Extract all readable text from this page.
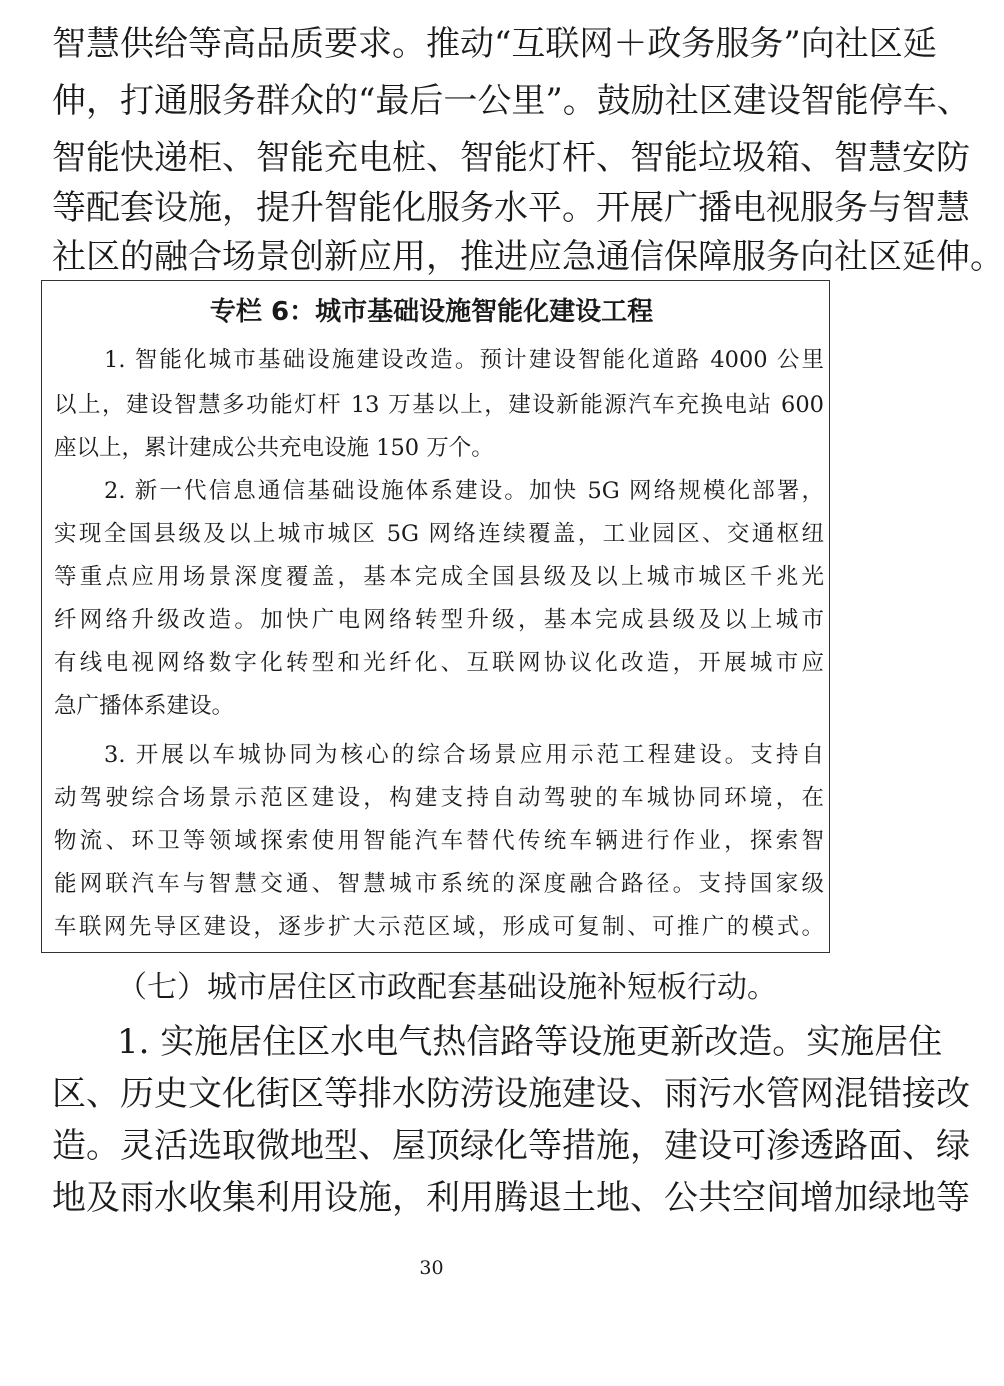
智慧供给等高品质要求。推动“互联网＋政务服务”向社区延
伸，打通服务群众的“最后一公里”。鼓励社区建设智能停车、
智能快递柜、智能充电桩、智能灯杆、智能垃圾箱、智慧安防
等配套设施，提升智能化服务水平。开展广播电视服务与智慧
社区的融合场景创新应用，推进应急通信保障服务向社区延伸。
专栏 6：城市基础设施智能化建设工程
1. 智能化城市基础设施建设改造。预计建设智能化道路 4000 公里
以上，建设智慧多功能灯杆 13 万基以上，建设新能源汽车充换电站 600
座以上，累计建成公共充电设施 150 万个。
2. 新一代信息通信基础设施体系建设。加快 5G 网络规模化部署，
实现全国县级及以上城市城区 5G 网络连续覆盖，工业园区、交通枢纽
等重点应用场景深度覆盖，基本完成全国县级及以上城市城区千兆光
纤网络升级改造。加快广电网络转型升级，基本完成县级及以上城市
有线电视网络数字化转型和光纤化、互联网协议化改造，开展城市应
急广播体系建设。
3. 开展以车城协同为核心的综合场景应用示范工程建设。支持自
动驾驶综合场景示范区建设，构建支持自动驾驶的车城协同环境，在
物流、环卫等领域探索使用智能汽车替代传统车辆进行作业，探索智
能网联汽车与智慧交通、智慧城市系统的深度融合路径。支持国家级
车联网先导区建设，逐步扩大示范区域，形成可复制、可推广的模式。
（七）城市居住区市政配套基础设施补短板行动。
1. 实施居住区水电气热信路等设施更新改造。实施居住
区、历史文化街区等排水防涝设施建设、雨污水管网混错接改
造。灵活选取微地型、屋顶绿化等措施，建设可渗透路面、绿
地及雨水收集利用设施，利用腾退土地、公共空间增加绿地等
30
